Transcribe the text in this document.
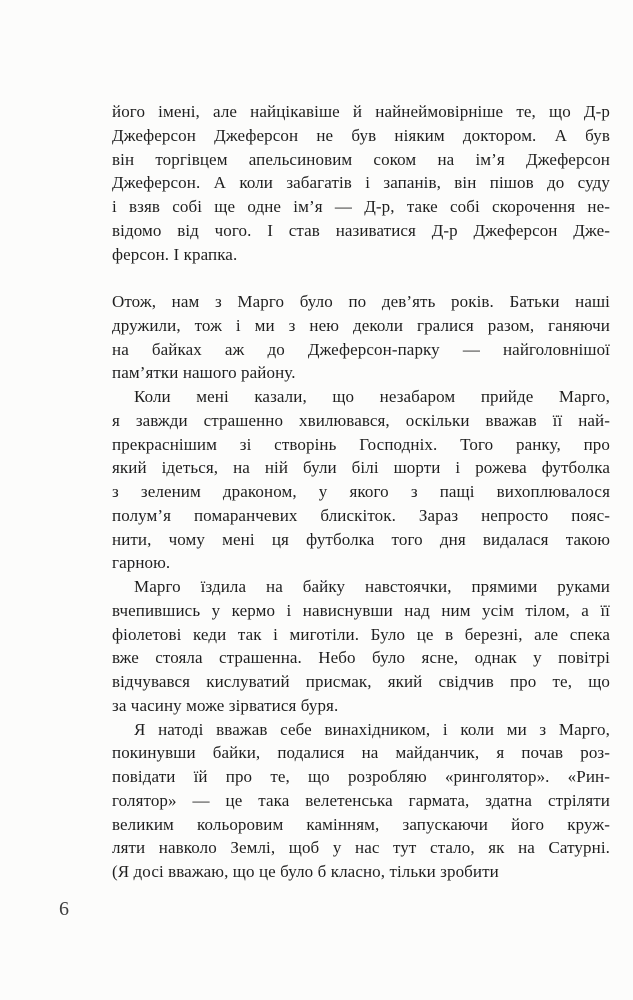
його імені, але найцікавіше й найнеймовірніше те, що Д-р
Джеферсон Джеферсон не був ніяким доктором. А був
він торгівцем апельсиновим соком на ім’я Джеферсон
Джеферсон. А коли забагатів і запанів, він пішов до суду
і взяв собі ще одне ім’я — Д-р, таке собі скорочення не-
відомо від чого. І став називатися Д-р Джеферсон Дже-
ферсон. І крапка.
Отож, нам з Марго було по дев’ять років. Батьки наші
дружили, тож і ми з нею деколи гралися разом, ганяючи
на байках аж до Джеферсон-парку — найголовнішої
пам’ятки нашого району.
Коли мені казали, що незабаром прийде Марго,
я завжди страшенно хвилювався, оскільки вважав її най-
прекраснішим зі створінь Господніх. Того ранку, про
який ідеться, на ній були білі шорти і рожева футболка
з зеленим драконом, у якого з пащі вихоплювалося
полум’я помаранчевих блискіток. Зараз непросто пояс-
нити, чому мені ця футболка того дня видалася такою
гарною.
Марго їздила на байку навстоячки, прямими руками
вчепившись у кермо і нависнувши над ним усім тілом, а її
фіолетові кеди так і миготіли. Було це в березні, але спека
вже стояла страшенна. Небо було ясне, однак у повітрі
відчувався кислуватий присмак, який свідчив про те, що
за часину може зірватися буря.
Я натоді вважав себе винахідником, і коли ми з Марго,
покинувши байки, подалися на майданчик, я почав роз-
повідати їй про те, що розробляю «ринголятор». «Рин-
голятор» — це така велетенська гармата, здатна стріляти
великим кольоровим камінням, запускаючи його круж-
ляти навколо Землі, щоб у нас тут стало, як на Сатурні.
(Я досі вважаю, що це було б класно, тільки зробити
6
